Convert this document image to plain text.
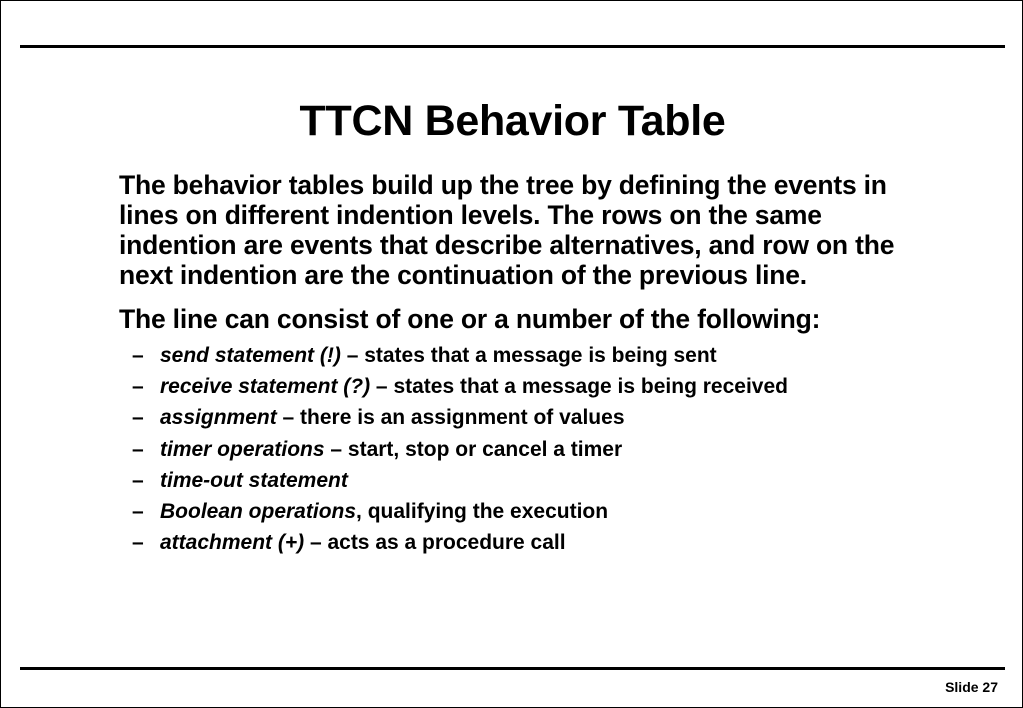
TTCN Behavior Table

The behavior tables build up the tree by defining the events in lines on different indention levels. The rows on the same indention are events that describe alternatives, and row on the next indention are the continuation of the previous line.

The line can consist of one or a number of the following:

– send statement (!) – states that a message is being sent
– receive statement (?) – states that a message is being received
– assignment – there is an assignment of values
– timer operations – start, stop or cancel a timer
– time-out statement
– Boolean operations, qualifying the execution
– attachment (+) – acts as a procedure call
Slide 27
